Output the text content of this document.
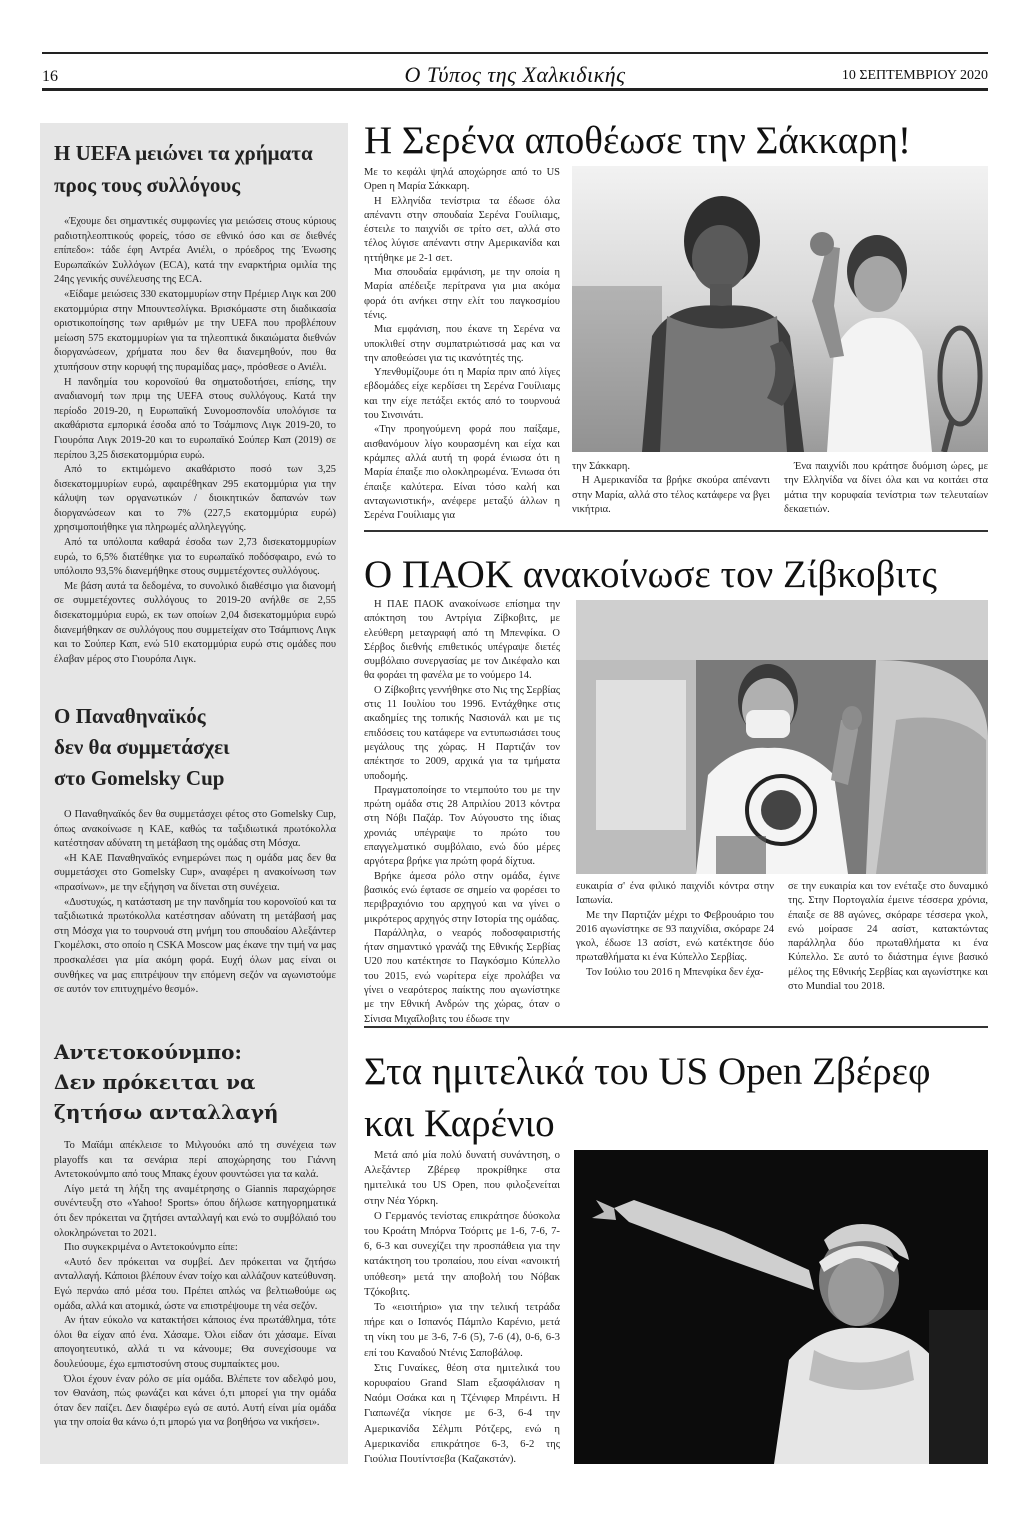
16	Ο Τύπος της Χαλκιδικής	10 ΣΕΠΤΕΜΒΡΙΟΥ 2020
Η UEFA μειώνει τα χρήματα
προς τους συλλόγους

«Έχουμε δει σημαντικές συμφωνίες για μειώσεις στους κύριους ραδιοτηλεοπτικούς φορείς, τόσο σε εθνικό όσο και σε διεθνές επίπεδο»: τάδε έφη Αντρέα Ανιέλι, ο πρόεδρος της Ένωσης Ευρωπαϊκών Συλλόγων (ECA), κατά την εναρκτήρια ομιλία της 24ης γενικής συνέλευσης της ECA.

«Είδαμε μειώσεις 330 εκατομμυρίων στην Πρέμιερ Λιγκ και 200 εκατομμύρια στην Μπουντεσλίγκα. Βρισκόμαστε στη διαδικασία οριστικοποίησης των αριθμών με την UEFA που προβλέπουν μείωση 575 εκατομμυρίων για τα τηλεοπτικά δικαιώματα διεθνών διοργανώσεων, χρήματα που δεν θα διανεμηθούν, που θα χτυπήσουν στην κορυφή της πυραμίδας μας», πρόσθεσε ο Ανιέλι.

Η πανδημία του κορονοϊού θα σηματοδοτήσει, επίσης, την αναδιανομή των πριμ της UEFA στους συλλόγους. Κατά την περίοδο 2019-20, η Ευρωπαϊκή Συνομοσπονδία υπολόγισε τα ακαθάριστα εμπορικά έσοδα από το Τσάμπιονς Λιγκ 2019-20, το Γιουρόπα Λιγκ 2019-20 και το ευρωπαϊκό Σούπερ Καπ (2019) σε περίπου 3,25 δισεκατομμύρια ευρώ.

Από το εκτιμώμενο ακαθάριστο ποσό των 3,25 δισεκατομμυρίων ευρώ, αφαιρέθηκαν 295 εκατομμύρια για την κάλυψη των οργανωτικών / διοικητικών δαπανών των διοργανώσεων και το 7% (227,5 εκατομμύρια ευρώ) χρησιμοποιήθηκε για πληρωμές αλληλεγγύης.

Από τα υπόλοιπα καθαρά έσοδα των 2,73 δισεκατομμυρίων ευρώ, το 6,5% διατέθηκε για το ευρωπαϊκό ποδόσφαιρο, ενώ το υπόλοιπο 93,5% διανεμήθηκε στους συμμετέχοντες συλλόγους.

Με βάση αυτά τα δεδομένα, το συνολικό διαθέσιμο για διανομή σε συμμετέχοντες συλλόγους το 2019-20 ανήλθε σε 2,55 δισεκατομμύρια ευρώ, εκ των οποίων 2,04 δισεκατομμύρια ευρώ διανεμήθηκαν σε συλλόγους που συμμετείχαν στο Τσάμπιονς Λιγκ και το Σούπερ Καπ, ενώ 510 εκατομμύρια ευρώ στις ομάδες που έλαβαν μέρος στο Γιουρόπα Λιγκ.

Ο Παναθηναϊκός
δεν θα συμμετάσχει
στο Gomelsky Cup

Ο Παναθηναϊκός δεν θα συμμετάσχει φέτος στο Gomelsky Cup, όπως ανακοίνωσε η ΚΑΕ, καθώς τα ταξιδιωτικά πρωτόκολλα κατέστησαν αδύνατη τη μετάβαση της ομάδας στη Μόσχα.

«Η ΚΑΕ Παναθηναϊκός ενημερώνει πως η ομάδα μας δεν θα συμμετάσχει στο Gomelsky Cup», αναφέρει η ανακοίνωση των «πρασίνων», με την εξήγηση να δίνεται στη συνέχεια.

«Δυστυχώς, η κατάσταση με την πανδημία του κορονοϊού και τα ταξιδιωτικά πρωτόκολλα κατέστησαν αδύνατη τη μετάβασή μας στη Μόσχα για το τουρνουά στη μνήμη του σπουδαίου Αλεξάντερ Γκομέλσκι, στο οποίο η CSKA Moscow μας έκανε την τιμή να μας προσκαλέσει για μία ακόμη φορά. Ευχή όλων μας είναι οι συνθήκες να μας επιτρέψουν την επόμενη σεζόν να αγωνιστούμε σε αυτόν τον επιτυχημένο θεσμό».

Αντετοκούνμπο:
Δεν πρόκειται να
ζητήσω ανταλλαγή

Το Μαϊάμι απέκλεισε το Μιλγουόκι από τη συνέχεια των playoffs και τα σενάρια περί αποχώρησης του Γιάννη Αντετοκούνμπο από τους Μπακς έχουν φουντώσει για τα καλά.

Λίγο μετά τη λήξη της αναμέτρησης ο Giannis παραχώρησε συνέντευξη στο «Yahoo! Sports» όπου δήλωσε κατηγορηματικά ότι δεν πρόκειται να ζητήσει ανταλλαγή και ενώ το συμβόλαιό του ολοκληρώνεται το 2021.

Πιο συγκεκριμένα ο Αντετοκούνμπο είπε:

«Αυτό δεν πρόκειται να συμβεί. Δεν πρόκειται να ζητήσω ανταλλαγή. Κάποιοι βλέπουν έναν τοίχο και αλλάζουν κατεύθυνση. Εγώ περνάω από μέσα του. Πρέπει απλώς να βελτιωθούμε ως ομάδα, αλλά και ατομικά, ώστε να επιστρέψουμε τη νέα σεζόν.

Αν ήταν εύκολο να κατακτήσει κάποιος ένα πρωτάθλημα, τότε όλοι θα είχαν από ένα. Χάσαμε. Όλοι είδαν ότι χάσαμε. Είναι απογοητευτικό, αλλά τι να κάνουμε; Θα συνεχίσουμε να δουλεύουμε, έχω εμπιστοσύνη στους συμπαίκτες μου.

Όλοι έχουν έναν ρόλο σε μία ομάδα. Βλέπετε τον αδελφό μου, τον Θανάση, πώς φωνάζει και κάνει ό,τι μπορεί για την ομάδα όταν δεν παίζει. Δεν διαφέρω εγώ σε αυτό. Αυτή είναι μία ομάδα για την οποία θα κάνω ό,τι μπορώ για να βοηθήσω να νικήσει».

Η Σερένα αποθέωσε την Σάκκαρη!

Με το κεφάλι ψηλά αποχώρησε από το US Open η Μαρία Σάκκαρη.

Η Ελληνίδα τενίστρια τα έδωσε όλα απέναντι στην σπουδαία Σερένα Γουίλιαμς, έστειλε το παιχνίδι σε τρίτο σετ, αλλά στο τέλος λύγισε απέναντι στην Αμερικανίδα και ηττήθηκε με 2-1 σετ.

Μια σπουδαία εμφάνιση, με την οποία η Μαρία απέδειξε περίτρανα για μια ακόμα φορά ότι ανήκει στην ελίτ του παγκοσμίου τένις.

Μια εμφάνιση, που έκανε τη Σερένα να υποκλιθεί στην συμπατριώτισσά μας και να την αποθεώσει για τις ικανότητές της.

Υπενθυμίζουμε ότι η Μαρία πριν από λίγες εβδομάδες είχε κερδίσει τη Σερένα Γουίλιαμς και την είχε πετάξει εκτός από το τουρνουά του Σινσινάτι.

«Την προηγούμενη φορά που παίξαμε, αισθανόμουν λίγο κουρασμένη και είχα και κράμπες αλλά αυτή τη φορά ένιωσα ότι η Μαρία έπαιξε πιο ολοκληρωμένα. Ένιωσα ότι έπαιξε καλύτερα. Είναι τόσο καλή και ανταγωνιστική», ανέφερε μεταξύ άλλων η Σερένα Γουίλιαμς για

την Σάκκαρη.

Η Αμερικανίδα τα βρήκε σκούρα απέναντι στην Μαρία, αλλά στο τέλος κατάφερε να βγει νικήτρια.

Ένα παιχνίδι που κράτησε δυόμιση ώρες, με την Ελληνίδα να δίνει όλα και να κοιτάει στα μάτια την κορυφαία τενίστρια των τελευταίων δεκαετιών.

Ο ΠΑΟΚ ανακοίνωσε τον Ζίβκοβιτς

Η ΠΑΕ ΠΑΟΚ ανακοίνωσε επίσημα την απόκτηση του Αντρίγια Ζίβκοβιτς, με ελεύθερη μεταγραφή από τη Μπενφίκα. Ο Σέρβος διεθνής επιθετικός υπέγραψε διετές συμβόλαιο συνεργασίας με τον Δικέφαλο και θα φοράει τη φανέλα με το νούμερο 14.

Ο Ζίβκοβιτς γεννήθηκε στο Νις της Σερβίας στις 11 Ιουλίου του 1996. Εντάχθηκε στις ακαδημίες της τοπικής Νασιονάλ και με τις επιδόσεις του κατάφερε να εντυπωσιάσει τους μεγάλους της χώρας. Η Παρτιζάν τον απέκτησε το 2009, αρχικά για τα τμήματα υποδομής.

Πραγματοποίησε το ντεμπούτο του με την πρώτη ομάδα στις 28 Απριλίου 2013 κόντρα στη Νόβι Παζάρ. Τον Αύγουστο της ίδιας χρονιάς υπέγραψε το πρώτο του επαγγελματικό συμβόλαιο, ενώ δύο μέρες αργότερα βρήκε για πρώτη φορά δίχτυα.

Βρήκε άμεσα ρόλο στην ομάδα, έγινε βασικός ενώ έφτασε σε σημείο να φορέσει το περιβραχιόνιο του αρχηγού και να γίνει ο μικρότερος αρχηγός στην Ιστορία της ομάδας.

Παράλληλα, ο νεαρός ποδοσφαιριστής ήταν σημαντικό γρανάζι της Εθνικής Σερβίας U20 που κατέκτησε το Παγκόσμιο Κύπελλο του 2015, ενώ νωρίτερα είχε προλάβει να γίνει ο νεαρότερος παίκτης που αγωνίστηκε με την Εθνική Ανδρών της χώρας, όταν ο Σίνισα Μιχαΐλοβιτς του έδωσε την

ευκαιρία σ' ένα φιλικό παιχνίδι κόντρα στην Ιαπωνία.

Με την Παρτιζάν μέχρι το Φεβρουάριο του 2016 αγωνίστηκε σε 93 παιχνίδια, σκόραρε 24 γκολ, έδωσε 13 ασίστ, ενώ κατέκτησε δύο πρωταθλήματα κι ένα Κύπελλο Σερβίας.

Τον Ιούλιο του 2016 η Μπενφίκα δεν έχα-

σε την ευκαιρία και τον ενέταξε στο δυναμικό της. Στην Πορτογαλία έμεινε τέσσερα χρόνια, έπαιξε σε 88 αγώνες, σκόραρε τέσσερα γκολ, ενώ μοίρασε 24 ασίστ, κατακτώντας παράλληλα δύο πρωταθλήματα κι ένα Κύπελλο. Σε αυτό το διάστημα έγινε βασικό μέλος της Εθνικής Σερβίας και αγωνίστηκε και στο Mundial του 2018.

Στα ημιτελικά του US Open Ζβέρεφ
και Καρένιο

Μετά από μία πολύ δυνατή συνάντηση, ο Αλεξάντερ Ζβέρεφ προκρίθηκε στα ημιτελικά του US Open, που φιλοξενείται στην Νέα Υόρκη.

Ο Γερμανός τενίστας επικράτησε δύσκολα του Κροάτη Μπόρνα Τσόριτς με 1-6, 7-6, 7-6, 6-3 και συνεχίζει την προσπάθεια για την κατάκτηση του τροπαίου, που είναι «ανοικτή υπόθεση» μετά την αποβολή του Νόβακ Τζόκοβιτς.

Το «εισιτήριο» για την τελική τετράδα πήρε και ο Ισπανός Πάμπλο Καρένιο, μετά τη νίκη του με 3-6, 7-6 (5), 7-6 (4), 0-6, 6-3 επί του Καναδού Ντένις Σαποβάλοφ.

Στις Γυναίκες, θέση στα ημιτελικά του κορυφαίου Grand Slam εξασφάλισαν η Ναόμι Οσάκα και η Τζένιφερ Μπρέιντι. Η Γιαπωνέζα νίκησε με 6-3, 6-4 την Αμερικανίδα Σέλμπι Ρότζερς, ενώ η Αμερικανίδα επικράτησε 6-3, 6-2 της Γιούλια Πουτίντσεβα (Καζακστάν).
